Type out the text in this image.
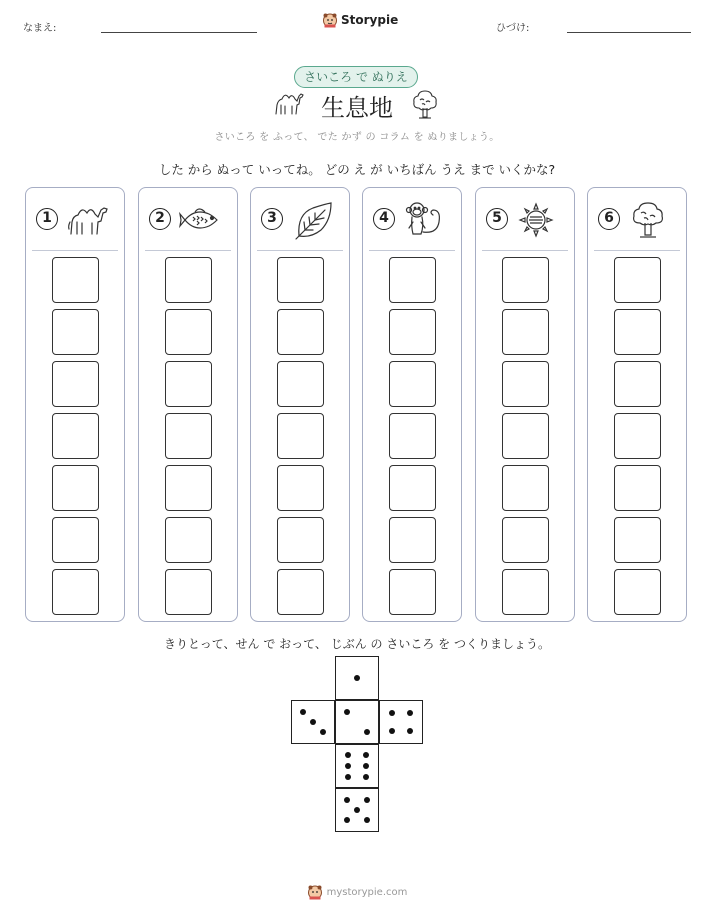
なまえ:
Storypie
ひづけ:
さいころ で ぬりえ
生息地
さいころ を ふって、 でた かず の コラム を ぬりましょう。
した から ぬって いってね。 どの え が いちばん うえ まで いくかな?
1	2	3	4	5	6
きりとって、せん で おって、 じぶん の さいころ を つくりましょう。
mystorypie.com
